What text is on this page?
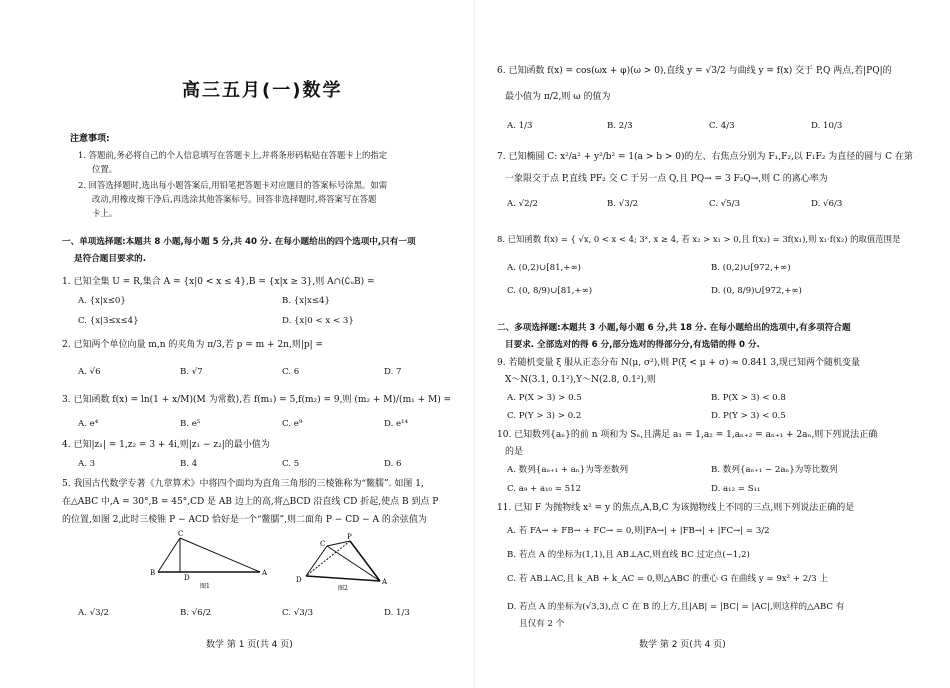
高三五月(一)数学
注意事项:
1. 答题前,务必将自己的个人信息填写在答题卡上,并将条形码粘贴在答题卡上的指定
位置。
2. 回答选择题时,选出每小题答案后,用铅笔把答题卡对应题目的答案标号涂黑。如需
改动,用橡皮擦干净后,再选涂其他答案标号。回答非选择题时,将答案写在答题
卡上。
一、单项选择题:本题共 8 小题,每小题 5 分,共 40 分. 在每小题给出的四个选项中,只有一项
是符合题目要求的.
1. 已知全集 U = R,集合 A = {x|0 < x ≤ 4},B = {x|x ≥ 3},则 A∩(∁ᵤB) =
A. {x|x≤0}	B. {x|x≤4}
C. {x|3≤x≤4}	D. {x|0 < x < 3}
2. 已知两个单位向量 m,n 的夹角为 π/3,若 p = m + 2n,则|p| =
A. √6	B. √7	C. 6	D. 7
3. 已知函数 f(x) = ln(1 + x/M)(M 为常数),若 f(m₁) = 5,f(m₂) = 9,则 (m₂ + M)/(m₁ + M) =
A. e⁴	B. e⁵	C. e⁹	D. e¹⁴
4. 已知|z₁| = 1,z₂ = 3 + 4i,则|z₁ − z₂|的最小值为
A. 3	B. 4	C. 5	D. 6
5. 我国古代数学专著《九章算术》中将四个面均为直角三角形的三棱锥称为“鳖臑”. 如图 1,
在△ABC 中,A = 30°,B = 45°,CD 是 AB 边上的高,将△BCD 沿直线 CD 折起,使点 B 到点 P
的位置,如图 2,此时三棱锥 P − ACD 恰好是一个“鳖臑”,则二面角 P − CD − A 的余弦值为
C
B
D
A
图1
C
P
D	A
图2
A. √3/2	B. √6/2	C. √3/3	D. 1/3
数学 第 1 页(共 4 页)
6. 已知函数 f(x) = cos(ωx + φ)(ω > 0),直线 y = √3/2 与曲线 y = f(x) 交于 P,Q 两点,若|PQ|的
最小值为 π/2,则 ω 的值为
A. 1/3	B. 2/3	C. 4/3	D. 10/3
7. 已知椭圆 C: x²/a² + y²/b² = 1(a > b > 0)的左、右焦点分别为 F₁,F₂,以 F₁F₂ 为直径的圆与 C 在第
一象限交于点 P,直线 PF₂ 交 C 于另一点 Q,且 PQ→ = 3 F₂Q→,则 C 的离心率为
A. √2/2	B. √3/2	C. √5/3	D. √6/3
8. 已知函数 f(x) = { √x, 0 < x < 4; 3ˣ, x ≥ 4, 若 x₂ > x₁ > 0,且 f(x₂) = 3f(x₁),则 x₁·f(x₂) 的取值范围是
A. (0,2)∪[81,+∞)	B. (0,2)∪[972,+∞)
C. (0, 8/9)∪[81,+∞)	D. (0, 8/9)∪[972,+∞)
二、多项选择题:本题共 3 小题,每小题 6 分,共 18 分. 在每小题给出的选项中,有多项符合题
目要求. 全部选对的得 6 分,部分选对的得部分分,有选错的得 0 分.
9. 若随机变量 ξ 服从正态分布 N(μ, σ²),则 P(ξ < μ + σ) ≈ 0.841 3,现已知两个随机变量
X～N(3.1, 0.1²),Y～N(2.8, 0.1²),则
A. P(X > 3) > 0.5	B. P(X > 3) < 0.8
C. P(Y > 3) > 0.2	D. P(Y > 3) < 0.5
10. 已知数列{aₙ}的前 n 项和为 Sₙ,且满足 a₁ = 1,a₂ = 1,aₙ₊₂ = aₙ₊₁ + 2aₙ,则下列说法正确
的是
A. 数列{aₙ₊₁ + aₙ}为等差数列	B. 数列{aₙ₊₁ − 2aₙ}为等比数列
C. a₉ + a₁₀ = 512	D. a₁₂ = S₁₁
11. 已知 F 为抛物线 x² = y 的焦点,A,B,C 为该抛物线上不同的三点,则下列说法正确的是
A. 若 FA→ + FB→ + FC→ = 0,则|FA→| + |FB→| + |FC→| = 3/2
B. 若点 A 的坐标为(1,1),且 AB⊥AC,则直线 BC 过定点(−1,2)
C. 若 AB⊥AC,且 k_AB + k_AC = 0,则△ABC 的重心 G 在曲线 y = 9x² + 2/3 上
D. 若点 A 的坐标为(√3,3),点 C 在 B 的上方,且|AB| = |BC| = |AC|,则这样的△ABC 有
且仅有 2 个
数学 第 2 页(共 4 页)
